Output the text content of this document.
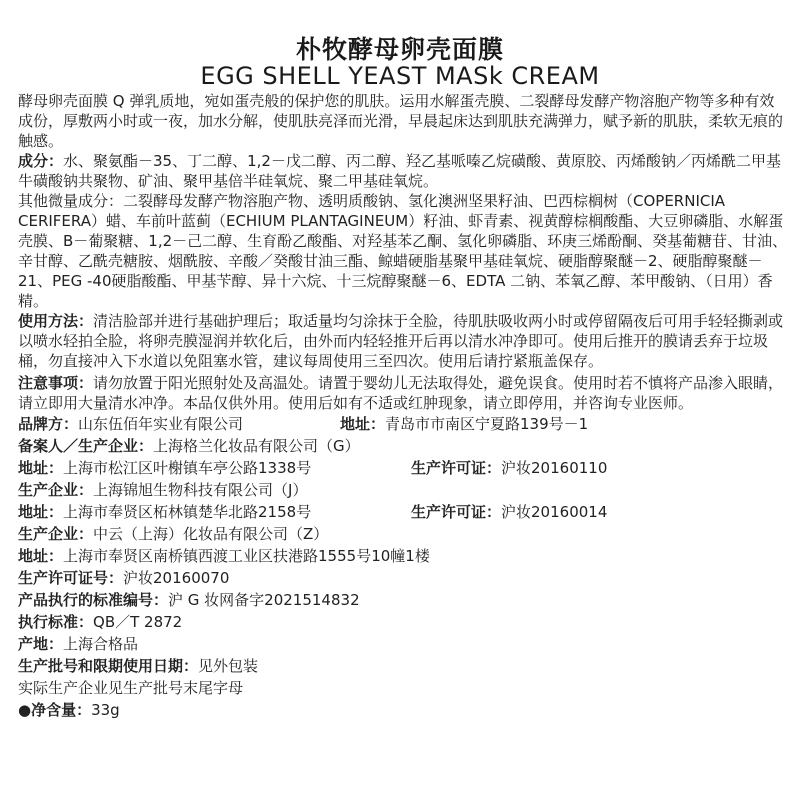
朴牧酵母卵壳面膜
EGG SHELL YEAST MASk CREAM

酵母卵壳面膜 Q 弹乳质地，宛如蛋壳般的保护您的肌肤。运用水解蛋壳膜、二裂酵母发酵产物溶胞产物等多种有效成份，厚敷两小时或一夜，加水分解，使肌肤亮泽而光滑，早晨起床达到肌肤充满弹力，赋予新的肌肤，柔软无痕的触感。

成分：水、聚氨酯－35、丁二醇、1,2－戊二醇、丙二醇、羟乙基哌嗪乙烷磺酸、黄原胶、丙烯酸钠／丙烯酰二甲基牛磺酸钠共聚物、矿油、聚甲基倍半硅氧烷、聚二甲基硅氧烷。

其他微量成分：二裂酵母发酵产物溶胞产物、透明质酸钠、氢化澳洲坚果籽油、巴西棕榈树（COPERNICIA CERIFERA）蜡、车前叶蓝蓟（ECHIUM PLANTAGINEUM）籽油、虾青素、视黄醇棕榈酸酯、大豆卵磷脂、水解蛋壳膜、Β－葡聚糖、1,2－己二醇、生育酚乙酸酯、对羟基苯乙酮、氢化卵磷脂、环庚三烯酚酮、癸基葡糖苷、甘油、辛甘醇、乙酰壳糖胺、烟酰胺、辛酸／癸酸甘油三酯、鲸蜡硬脂基聚甲基硅氧烷、硬脂醇聚醚－2、硬脂醇聚醚－21、PEG -40硬脂酸酯、甲基苄醇、异十六烷、十三烷醇聚醚－6、EDTA 二钠、苯氧乙醇、苯甲酸钠、（日用）香精。

使用方法：清洁脸部并进行基础护理后；取适量均匀涂抹于全脸，待肌肤吸收两小时或停留隔夜后可用手轻轻撕剥或以喷水轻拍全脸，将卵壳膜湿润并软化后，由外而内轻轻推开后再以清水冲净即可。使用后推开的膜请丢弃于垃圾桶，勿直接冲入下水道以免阻塞水管，建议每周使用三至四次。使用后请拧紧瓶盖保存。

注意事项：请勿放置于阳光照射处及高温处。请置于婴幼儿无法取得处，避免误食。使用时若不慎将产品渗入眼睛，请立即用大量清水冲净。本品仅供外用。使用后如有不适或红肿现象，请立即停用，并咨询专业医师。

品牌方：山东伍佰年实业有限公司	地址：青岛市市南区宁夏路139号－1
备案人／生产企业：上海格兰化妆品有限公司（G）
地址：上海市松江区叶榭镇车亭公路1338号	生产许可证：沪妆20160110
生产企业：上海锦旭生物科技有限公司（J）
地址：上海市奉贤区柘林镇楚华北路2158号	生产许可证：沪妆20160014
生产企业：中云（上海）化妆品有限公司（Z）
地址：上海市奉贤区南桥镇西渡工业区扶港路1555号10幢1楼
生产许可证号：沪妆20160070
产品执行的标准编号：沪 G 妆网备字2021514832
执行标准：QB／T 2872
产地：上海合格品
生产批号和限期使用日期：见外包装
实际生产企业见生产批号末尾字母
●净含量：33g
